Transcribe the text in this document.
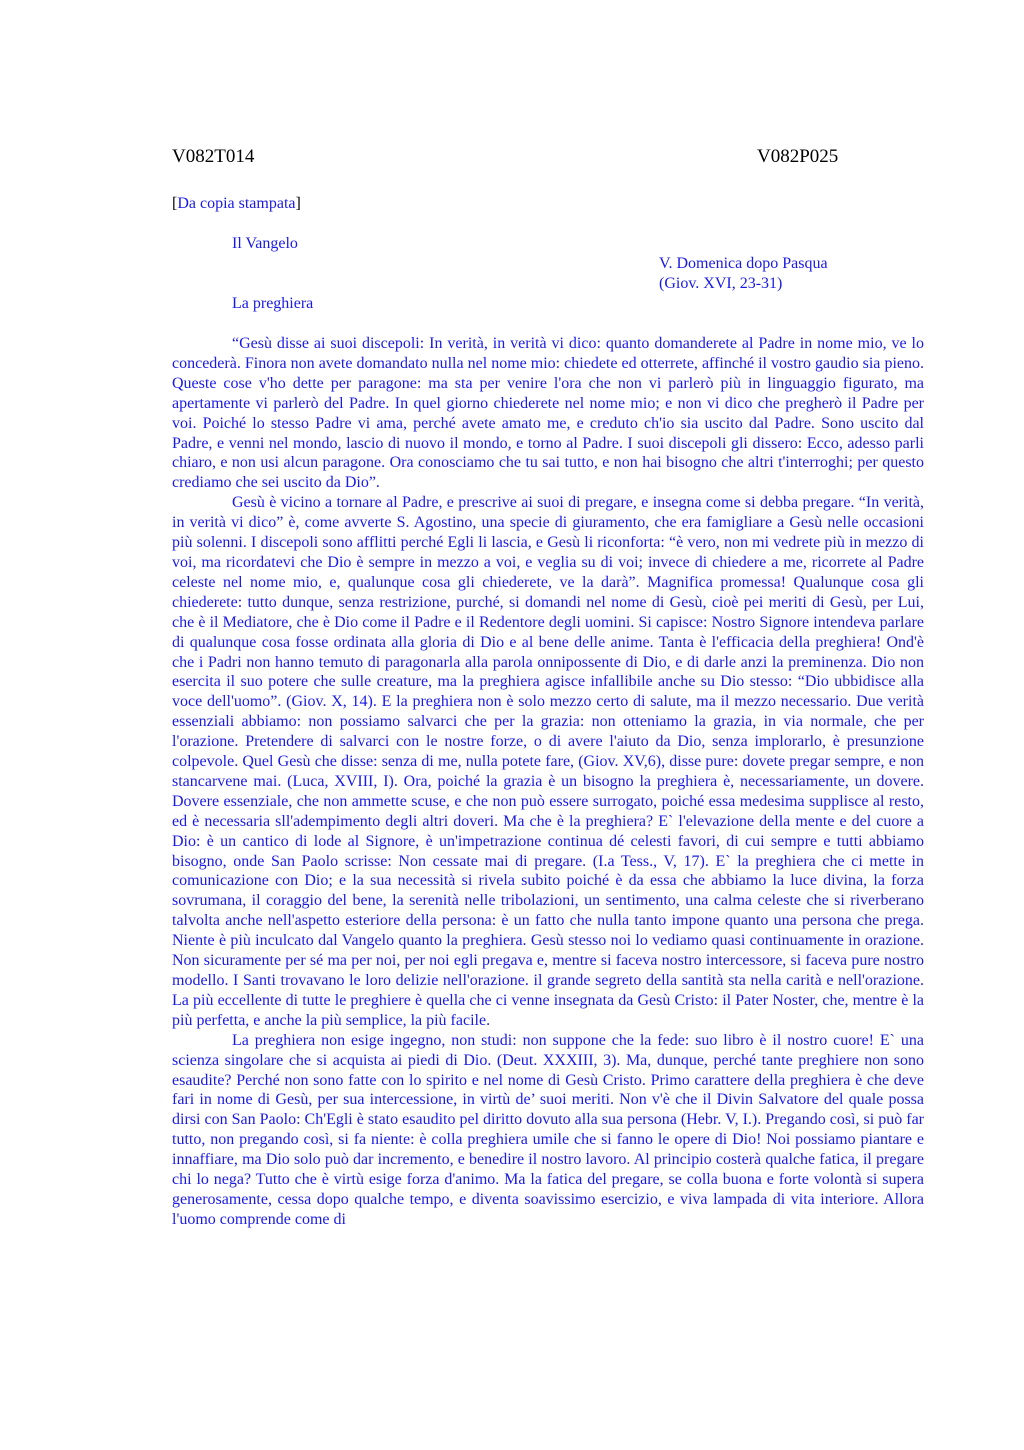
V082T014	V082P025
[Da copia stampata]
Il Vangelo
V. Domenica dopo Pasqua
(Giov. XVI, 23-31)
La preghiera

“Gesù disse ai suoi discepoli: In verità, in verità vi dico: quanto domanderete al Padre in nome mio, ve lo concederà. Finora non avete domandato nulla nel nome mio: chiedete ed otterrete, affinché il vostro gaudio sia pieno. Queste cose v'ho dette per paragone: ma sta per venire l'ora che non vi parlerò più in linguaggio figurato, ma apertamente vi parlerò del Padre. In quel giorno chiederete nel nome mio; e non vi dico che pregherò il Padre per voi. Poiché lo stesso Padre vi ama, perché avete amato me, e creduto ch'io sia uscito dal Padre. Sono uscito dal Padre, e venni nel mondo, lascio di nuovo il mondo, e torno al Padre. I suoi discepoli gli dissero: Ecco, adesso parli chiaro, e non usi alcun paragone. Ora conosciamo che tu sai tutto, e non hai bisogno che altri t'interroghi; per questo crediamo che sei uscito da Dio”.

Gesù è vicino a tornare al Padre, e prescrive ai suoi di pregare, e insegna come si debba pregare. “In verità, in verità vi dico” è, come avverte S. Agostino, una specie di giuramento, che era famigliare a Gesù nelle occasioni più solenni. I discepoli sono afflitti perché Egli li lascia, e Gesù li riconforta: “è vero, non mi vedrete più in mezzo di voi, ma ricordatevi che Dio è sempre in mezzo a voi, e veglia su di voi; invece di chiedere a me, ricorrete al Padre celeste nel nome mio, e, qualunque cosa gli chiederete, ve la darà”. Magnifica promessa! Qualunque cosa gli chiederete: tutto dunque, senza restrizione, purché, si domandi nel nome di Gesù, cioè pei meriti di Gesù, per Lui, che è il Mediatore, che è Dio come il Padre e il Redentore degli uomini. Si capisce: Nostro Signore intendeva parlare di qualunque cosa fosse ordinata alla gloria di Dio e al bene delle anime. Tanta è l'efficacia della preghiera! Ond'è che i Padri non hanno temuto di paragonarla alla parola onnipossente di Dio, e di darle anzi la preminenza. Dio non esercita il suo potere che sulle creature, ma la preghiera agisce infallibile anche su Dio stesso: “Dio ubbidisce alla voce dell'uomo”. (Giov. X, 14). E la preghiera non è solo mezzo certo di salute, ma il mezzo necessario. Due verità essenziali abbiamo: non possiamo salvarci che per la grazia: non otteniamo la grazia, in via normale, che per l'orazione. Pretendere di salvarci con le nostre forze, o di avere l'aiuto da Dio, senza implorarlo, è presunzione colpevole. Quel Gesù che disse: senza di me, nulla potete fare, (Giov. XV,6), disse pure: dovete pregar sempre, e non stancarvene mai. (Luca, XVIII, I). Ora, poiché la grazia è un bisogno la preghiera è, necessariamente, un dovere. Dovere essenziale, che non ammette scuse, e che non può essere surrogato, poiché essa medesima supplisce al resto, ed è necessaria sll'adempimento degli altri doveri. Ma che è la preghiera? E` l'elevazione della mente e del cuore a Dio: è un cantico di lode al Signore, è un'impetrazione continua dé celesti favori, di cui sempre e tutti abbiamo bisogno, onde San Paolo scrisse: Non cessate mai di pregare. (I.a Tess., V, 17). E` la preghiera che ci mette in comunicazione con Dio; e la sua necessità si rivela subito poiché è da essa che abbiamo la luce divina, la forza sovrumana, il coraggio del bene, la serenità nelle tribolazioni, un sentimento, una calma celeste che si riverberano talvolta anche nell'aspetto esteriore della persona: è un fatto che nulla tanto impone quanto una persona che prega. Niente è più inculcato dal Vangelo quanto la preghiera. Gesù stesso noi lo vediamo quasi continuamente in orazione. Non sicuramente per sé ma per noi, per noi egli pregava e, mentre si faceva nostro intercessore, si faceva pure nostro modello. I Santi trovavano le loro delizie nell'orazione. il grande segreto della santità sta nella carità e nell'orazione. La più eccellente di tutte le preghiere è quella che ci venne insegnata da Gesù Cristo: il Pater Noster, che, mentre è la più perfetta, e anche la più semplice, la più facile.

La preghiera non esige ingegno, non studi: non suppone che la fede: suo libro è il nostro cuore! E` una scienza singolare che si acquista ai piedi di Dio. (Deut. XXXIII, 3). Ma, dunque, perché tante preghiere non sono esaudite? Perché non sono fatte con lo spirito e nel nome di Gesù Cristo. Primo carattere della preghiera è che deve fari in nome di Gesù, per sua intercessione, in virtù de’ suoi meriti. Non v'è che il Divin Salvatore del quale possa dirsi con San Paolo: Ch'Egli è stato esaudito pel diritto dovuto alla sua persona (Hebr. V, I.). Pregando così, si può far tutto, non pregando così, si fa niente: è colla preghiera umile che si fanno le opere di Dio! Noi possiamo piantare e innaffiare, ma Dio solo può dar incremento, e benedire il nostro lavoro. Al principio costerà qualche fatica, il pregare chi lo nega? Tutto che è virtù esige forza d'animo. Ma la fatica del pregare, se colla buona e forte volontà si supera generosamente, cessa dopo qualche tempo, e diventa soavissimo esercizio, e viva lampada di vita interiore. Allora l'uomo comprende come di
